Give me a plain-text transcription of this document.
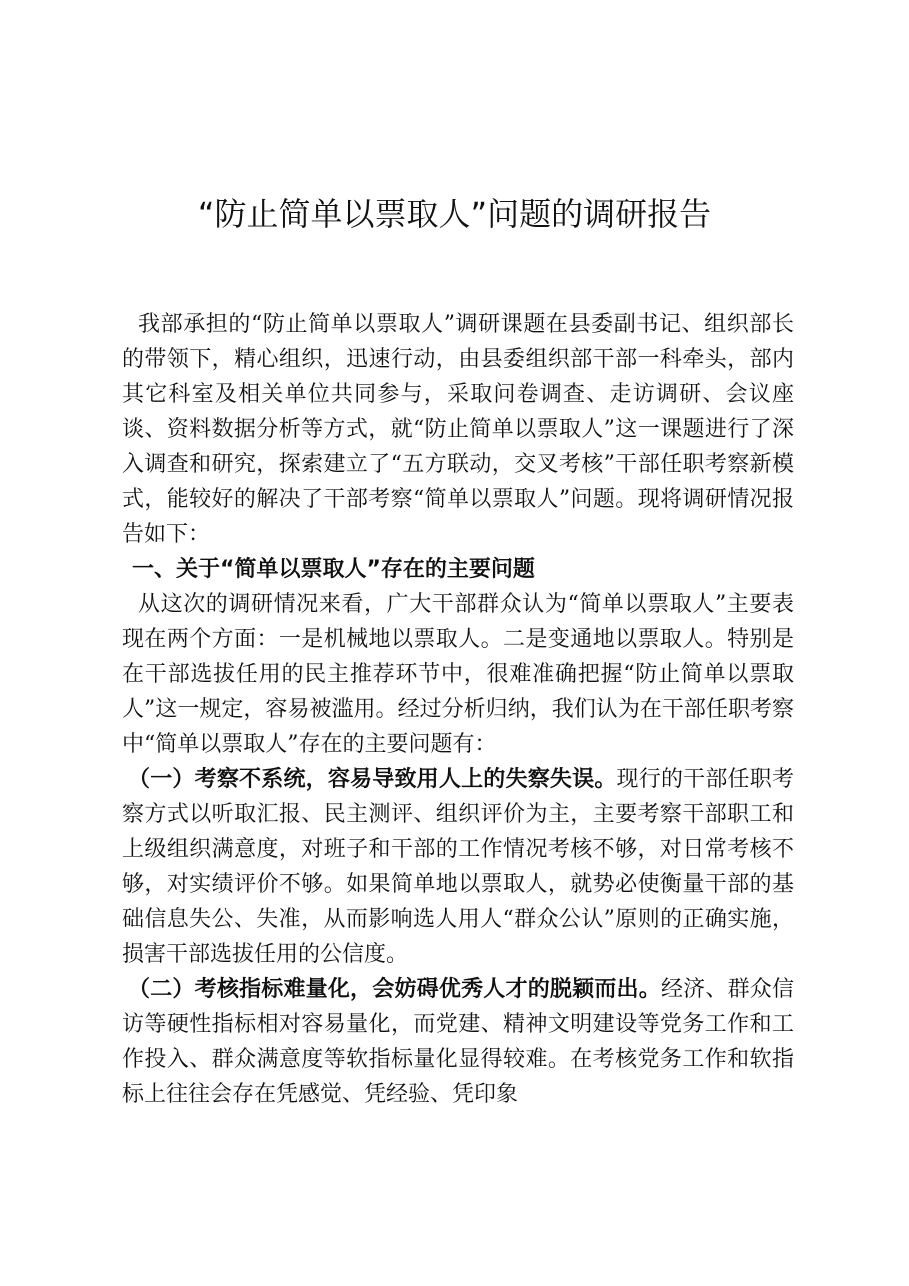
“防止简单以票取人”问题的调研报告

我部承担的“防止简单以票取人”调研课题在县委副书记、组织部长的带领下，精心组织，迅速行动，由县委组织部干部一科牵头，部内其它科室及相关单位共同参与，采取问卷调查、走访调研、会议座谈、资料数据分析等方式，就“防止简单以票取人”这一课题进行了深入调查和研究，探索建立了“五方联动，交叉考核”干部任职考察新模式，能较好的解决了干部考察“简单以票取人”问题。现将调研情况报告如下：

一、关于“简单以票取人”存在的主要问题

从这次的调研情况来看，广大干部群众认为“简单以票取人”主要表现在两个方面：一是机械地以票取人。二是变通地以票取人。特别是在干部选拔任用的民主推荐环节中，很难准确把握“防止简单以票取人”这一规定，容易被滥用。经过分析归纳，我们认为在干部任职考察中“简单以票取人”存在的主要问题有：

（一）考察不系统，容易导致用人上的失察失误。现行的干部任职考察方式以听取汇报、民主测评、组织评价为主，主要考察干部职工和上级组织满意度，对班子和干部的工作情况考核不够，对日常考核不够，对实绩评价不够。如果简单地以票取人，就势必使衡量干部的基础信息失公、失准，从而影响选人用人“群众公认”原则的正确实施，损害干部选拔任用的公信度。

（二）考核指标难量化，会妨碍优秀人才的脱颖而出。经济、群众信访等硬性指标相对容易量化，而党建、精神文明建设等党务工作和工作投入、群众满意度等软指标量化显得较难。在考核党务工作和软指标上往往会存在凭感觉、凭经验、凭印象
